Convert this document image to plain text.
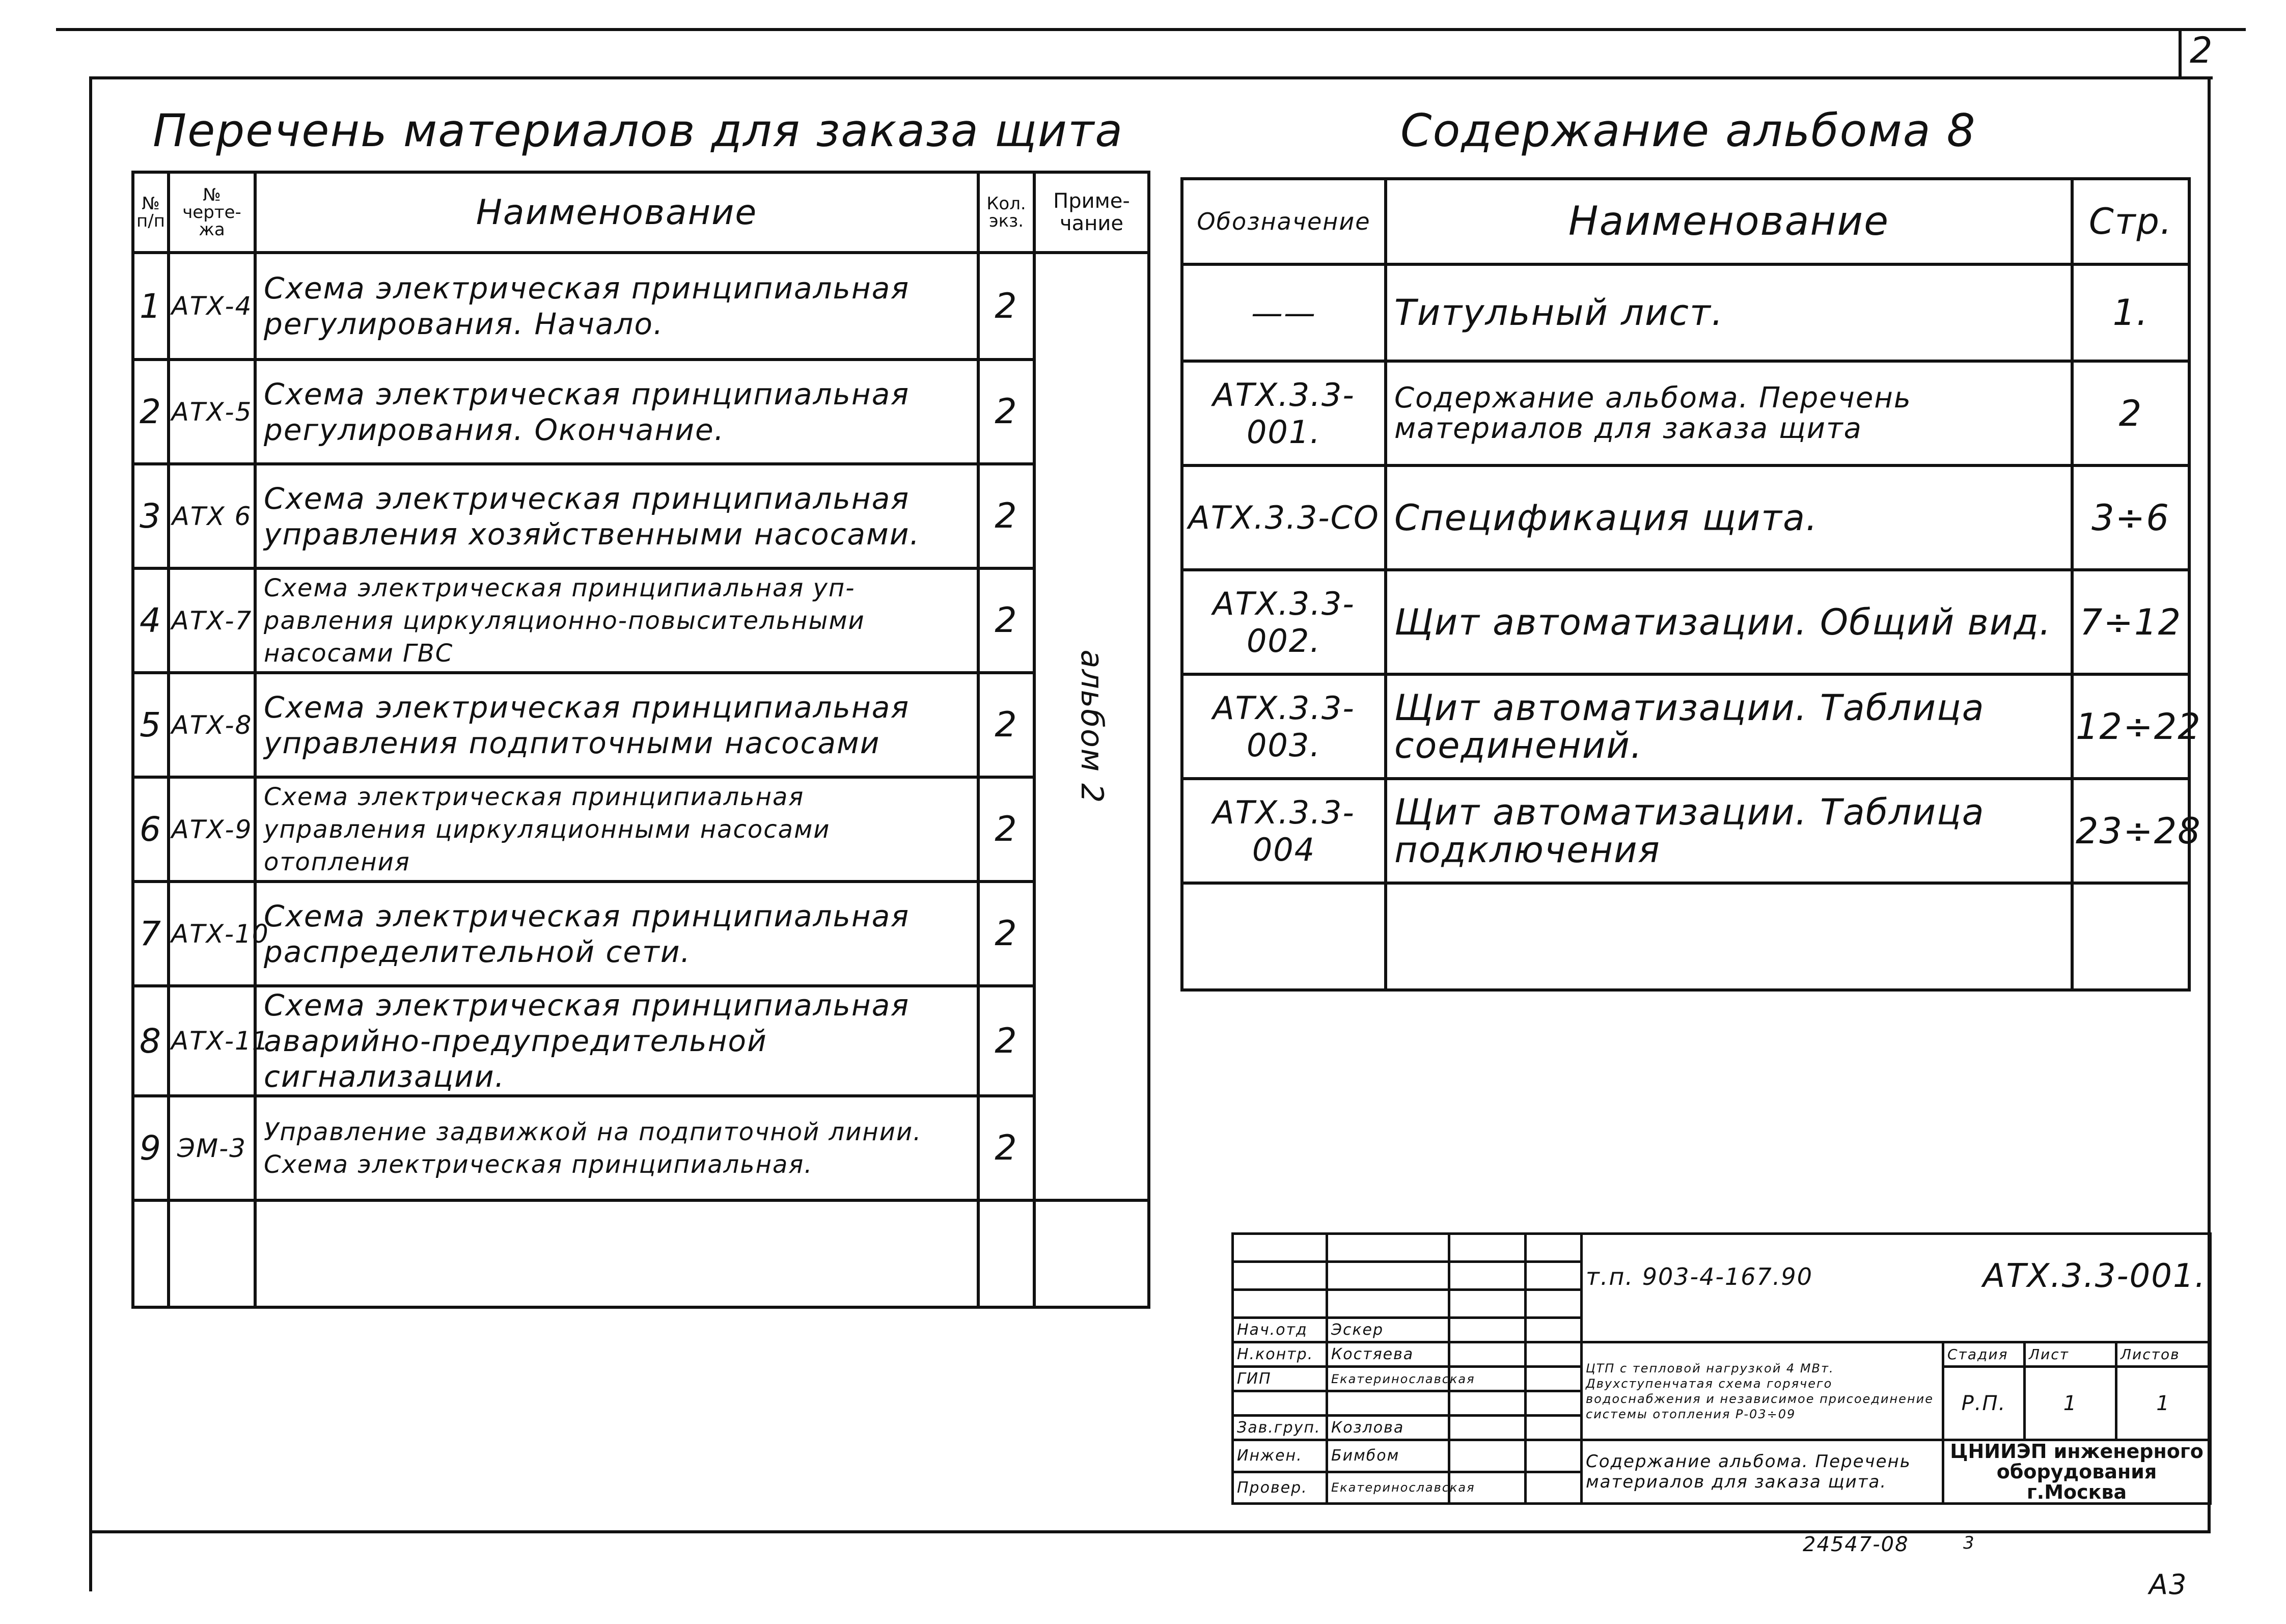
2
Перечень материалов для заказа щита
№ п/п	№ черте- жа	Наименование	Кол. экз.	Приме- чание
1	АТХ-4	Схема электрическая принципиальная регулирования. Начало.	2	альбом 2

2	АТХ-5	Схема электрическая принципиальная регулирования. Окончание.	2	
3	АТХ 6	Схема электрическая принципиальная управления хозяйственными насосами.	2	
4	АТХ-7	Схема электрическая принципиальная уп- равления циркуляционно-повысительными насосами ГВС	2	
5	АТХ-8	Схема электрическая принципиальная управления подпиточными насосами	2	
6	АТХ-9	Схема электрическая принципиальная управления циркуляционными насосами отопления	2	
7	АТХ-10	Схема электрическая принципиальная распределительной сети.	2	
8	АТХ-11	Схема электрическая принципиальная аварийно-предупредительной сигнализации.	2	
9	ЭМ-3	Управление задвижкой на подпиточной линии. Схема электрическая принципиальная.	2	

Содержание альбома 8
Обозначение	Наименование	Стр.
——	Титульный лист.	1.
АТХ.3.3-001.	Содержание альбома. Перечень материалов для заказа щита	2
АТХ.3.3-СО	Спецификация щита.	3÷6
АТХ.3.3-002.	Щит автоматизации. Общий вид.	7÷12
АТХ.3.3-003.	Щит автоматизации. Таблица соединений.	12÷22
АТХ.3.3-004	Щит автоматизации. Таблица подключения	23÷28

				т.п. 903-4-167.90 АТХ.3.3-001.			

Нач.отд	Эскер						
Н.контр.	Костяева			ЦТП с тепловой нагрузкой 4 МВт. Двухступенчатая схема горячего водоснабжения и независимое присоединение системы отопления Р-03÷09	Стадия	Лист	Листов
ГИП	Екатеринославская				Р.П.	1	1

Зав.груп.	Козлова						
Инжен.	Бимбом			Содержание альбома. Перечень материалов для заказа щита.	ЦНИИЭП инженерного оборудования г.Москва		
Провер.	Екатеринославская						
24547-08	3
А3
